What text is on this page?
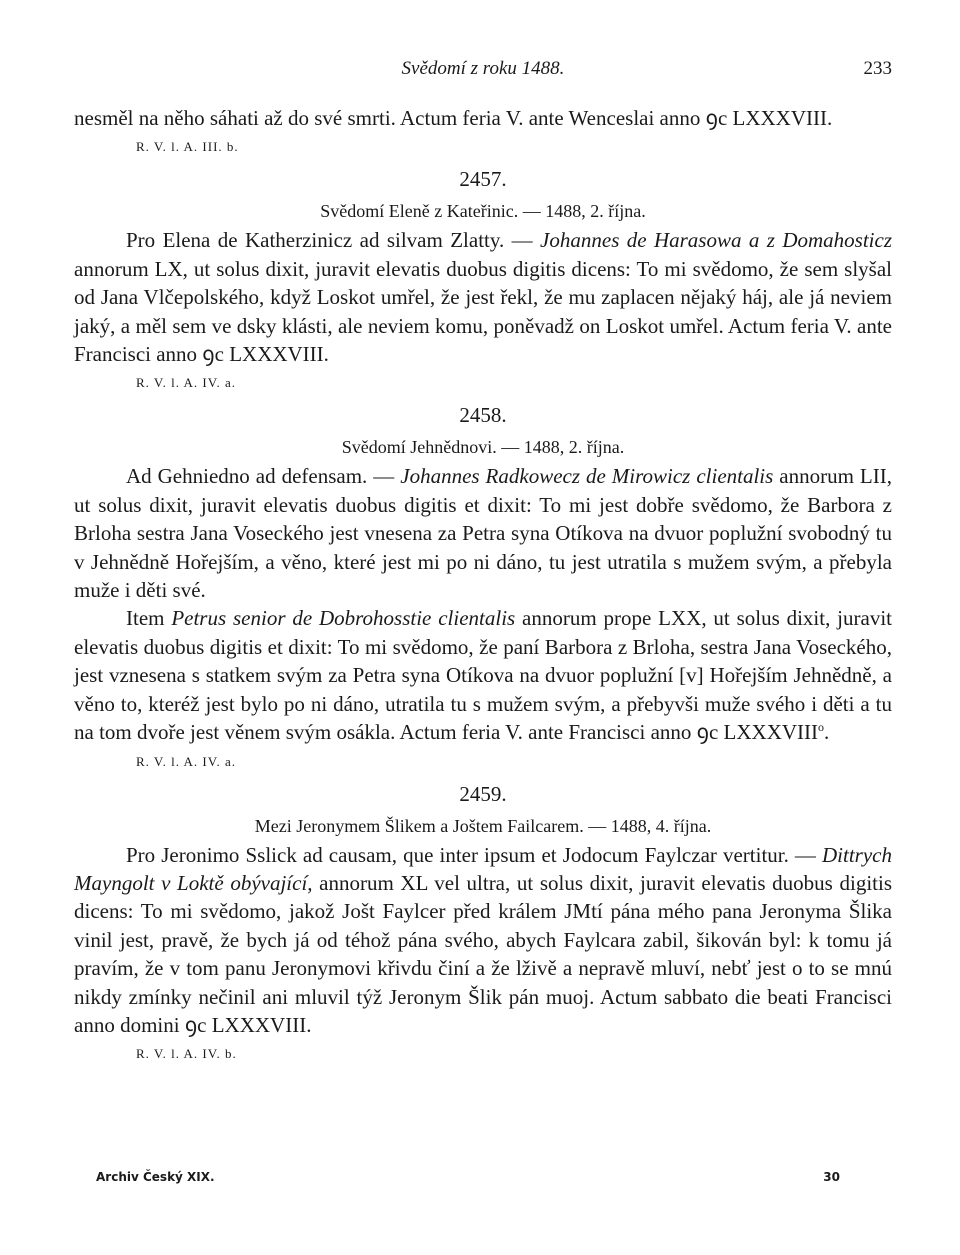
Svědomí z roku 1488.	233

nesměl na něho sáhati až do své smrti. Actum feria V. ante Wenceslai anno ꝯc LXXXVIII.

R. V. l. A. III. b.
2457.
Svědomí Eleně z Kateřinic. — 1488, 2. října.

Pro Elena de Katherzinicz ad silvam Zlatty. — Johannes de Harasowa a z Domahosticz annorum LX, ut solus dixit, juravit elevatis duobus digitis dicens: To mi svědomo, že sem slyšal od Jana Vlčepolského, když Loskot umřel, že jest řekl, že mu zaplacen nějaký háj, ale já neviem jaký, a měl sem ve dsky klásti, ale neviem komu, poněvadž on Loskot umřel. Actum feria V. ante Francisci anno ꝯc LXXXVIII.

R. V. l. A. IV. a.
2458.
Svědomí Jehnědnovi. — 1488, 2. října.

Ad Gehniedno ad defensam. — Johannes Radkowecz de Mirowicz clientalis annorum LII, ut solus dixit, juravit elevatis duobus digitis et dixit: To mi jest dobře svědomo, že Barbora z Brloha sestra Jana Voseckého jest vnesena za Petra syna Otíkova na dvuor poplužní svobodný tu v Jehnědně Hořejším, a věno, které jest mi po ni dáno, tu jest utratila s mužem svým, a přebyla muže i děti své.

Item Petrus senior de Dobrohosstie clientalis annorum prope LXX, ut solus dixit, juravit elevatis duobus digitis et dixit: To mi svědomo, že paní Barbora z Brloha, sestra Jana Voseckého, jest vznesena s statkem svým za Petra syna Otíkova na dvuor poplužní [v] Hořejším Jehnědně, a věno to, kteréž jest bylo po ni dáno, utratila tu s mužem svým, a přebyvši muže svého i děti a tu na tom dvoře jest věnem svým osákla. Actum feria V. ante Francisci anno ꝯc LXXXVIII$^o$.

R. V. l. A. IV. a.
2459.
Mezi Jeronymem Šlikem a Joštem Failcarem. — 1488, 4. října.

Pro Jeronimo Sslick ad causam, que inter ipsum et Jodocum Faylczar vertitur. — Dittrych Mayngolt v Loktě obývající, annorum XL vel ultra, ut solus dixit, juravit elevatis duobus digitis dicens: To mi svědomo, jakož Jošt Faylcer před králem JMtí pána mého pana Jeronyma Šlika vinil jest, pravě, že bych já od téhož pána svého, abych Faylcara zabil, šikován byl: k tomu já pravím, že v tom panu Jeronymovi křivdu činí a že lživě a nepravě mluví, nebť jest o to se mnú nikdy zmínky nečinil ani mluvil týž Jeronym Šlik pán muoj. Actum sabbato die beati Francisci anno domini ꝯc LXXXVIII.

R. V. l. A. IV. b.
Archiv Český XIX.	30
